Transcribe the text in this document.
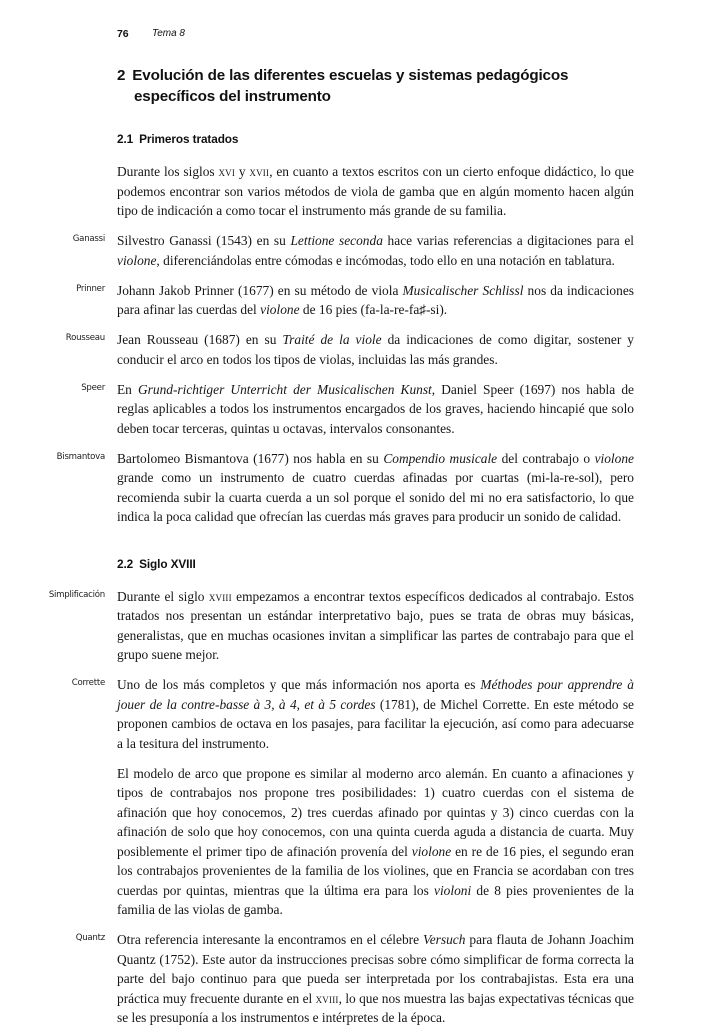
76 Tema 8
2 Evolución de las diferentes escuelas y sistemas pedagógicos específicos del instrumento
2.1 Primeros tratados

Durante los siglos xvi y xvii, en cuanto a textos escritos con un cierto enfoque didáctico, lo que podemos encontrar son varios métodos de viola de gamba que en algún momento hacen algún tipo de indicación a como tocar el instrumento más grande de su familia.

Ganassi Silvestro Ganassi (1543) en su Lettione seconda hace varias referencias a digitaciones para el violone, diferenciándolas entre cómodas e incómodas, todo ello en una notación en tablatura.

Prinner Johann Jakob Prinner (1677) en su método de viola Musicalischer Schlissl nos da indicaciones para afinar las cuerdas del violone de 16 pies (fa-la-re-fa♯-si).

Rousseau Jean Rousseau (1687) en su Traité de la viole da indicaciones de como digitar, sostener y conducir el arco en todos los tipos de violas, incluidas las más grandes.

Speer En Grund-richtiger Unterricht der Musicalischen Kunst, Daniel Speer (1697) nos habla de reglas aplicables a todos los instrumentos encargados de los graves, haciendo hincapié que solo deben tocar terceras, quintas u octavas, intervalos consonantes.

Bismantova Bartolomeo Bismantova (1677) nos habla en su Compendio musicale del contrabajo o violone grande como un instrumento de cuatro cuerdas afinadas por cuartas (mi-la-re-sol), pero recomienda subir la cuarta cuerda a un sol porque el sonido del mi no era satisfactorio, lo que indica la poca calidad que ofrecían las cuerdas más graves para producir un sonido de calidad.

2.2 Siglo XVIII

Simplificación Durante el siglo xviii empezamos a encontrar textos específicos dedicados al contrabajo. Estos tratados nos presentan un estándar interpretativo bajo, pues se trata de obras muy básicas, generalistas, que en muchas ocasiones invitan a simplificar las partes de contrabajo para que el grupo suene mejor.

Corrette Uno de los más completos y que más información nos aporta es Méthodes pour apprendre à jouer de la contre-basse à 3, à 4, et à 5 cordes (1781), de Michel Corrette. En este método se proponen cambios de octava en los pasajes, para facilitar la ejecución, así como para adecuarse a la tesitura del instrumento.

El modelo de arco que propone es similar al moderno arco alemán. En cuanto a afinaciones y tipos de contrabajos nos propone tres posibilidades: 1) cuatro cuerdas con el sistema de afinación que hoy conocemos, 2) tres cuerdas afinado por quintas y 3) cinco cuerdas con la afinación de solo que hoy conocemos, con una quinta cuerda aguda a distancia de cuarta. Muy posiblemente el primer tipo de afinación provenía del violone en re de 16 pies, el segundo eran los contrabajos provenientes de la familia de los violines, que en Francia se acordaban con tres cuerdas por quintas, mientras que la última era para los violoni de 8 pies provenientes de la familia de las violas de gamba.

Quantz Otra referencia interesante la encontramos en el célebre Versuch para flauta de Johann Joachim Quantz (1752). Este autor da instrucciones precisas sobre cómo simplificar de forma correcta la parte del bajo continuo para que pueda ser interpretada por los contrabajistas. Esta era una práctica muy frecuente durante en el xviii, lo que nos muestra las bajas expectativas técnicas que se les presuponía a los instrumentos e intérpretes de la época.
